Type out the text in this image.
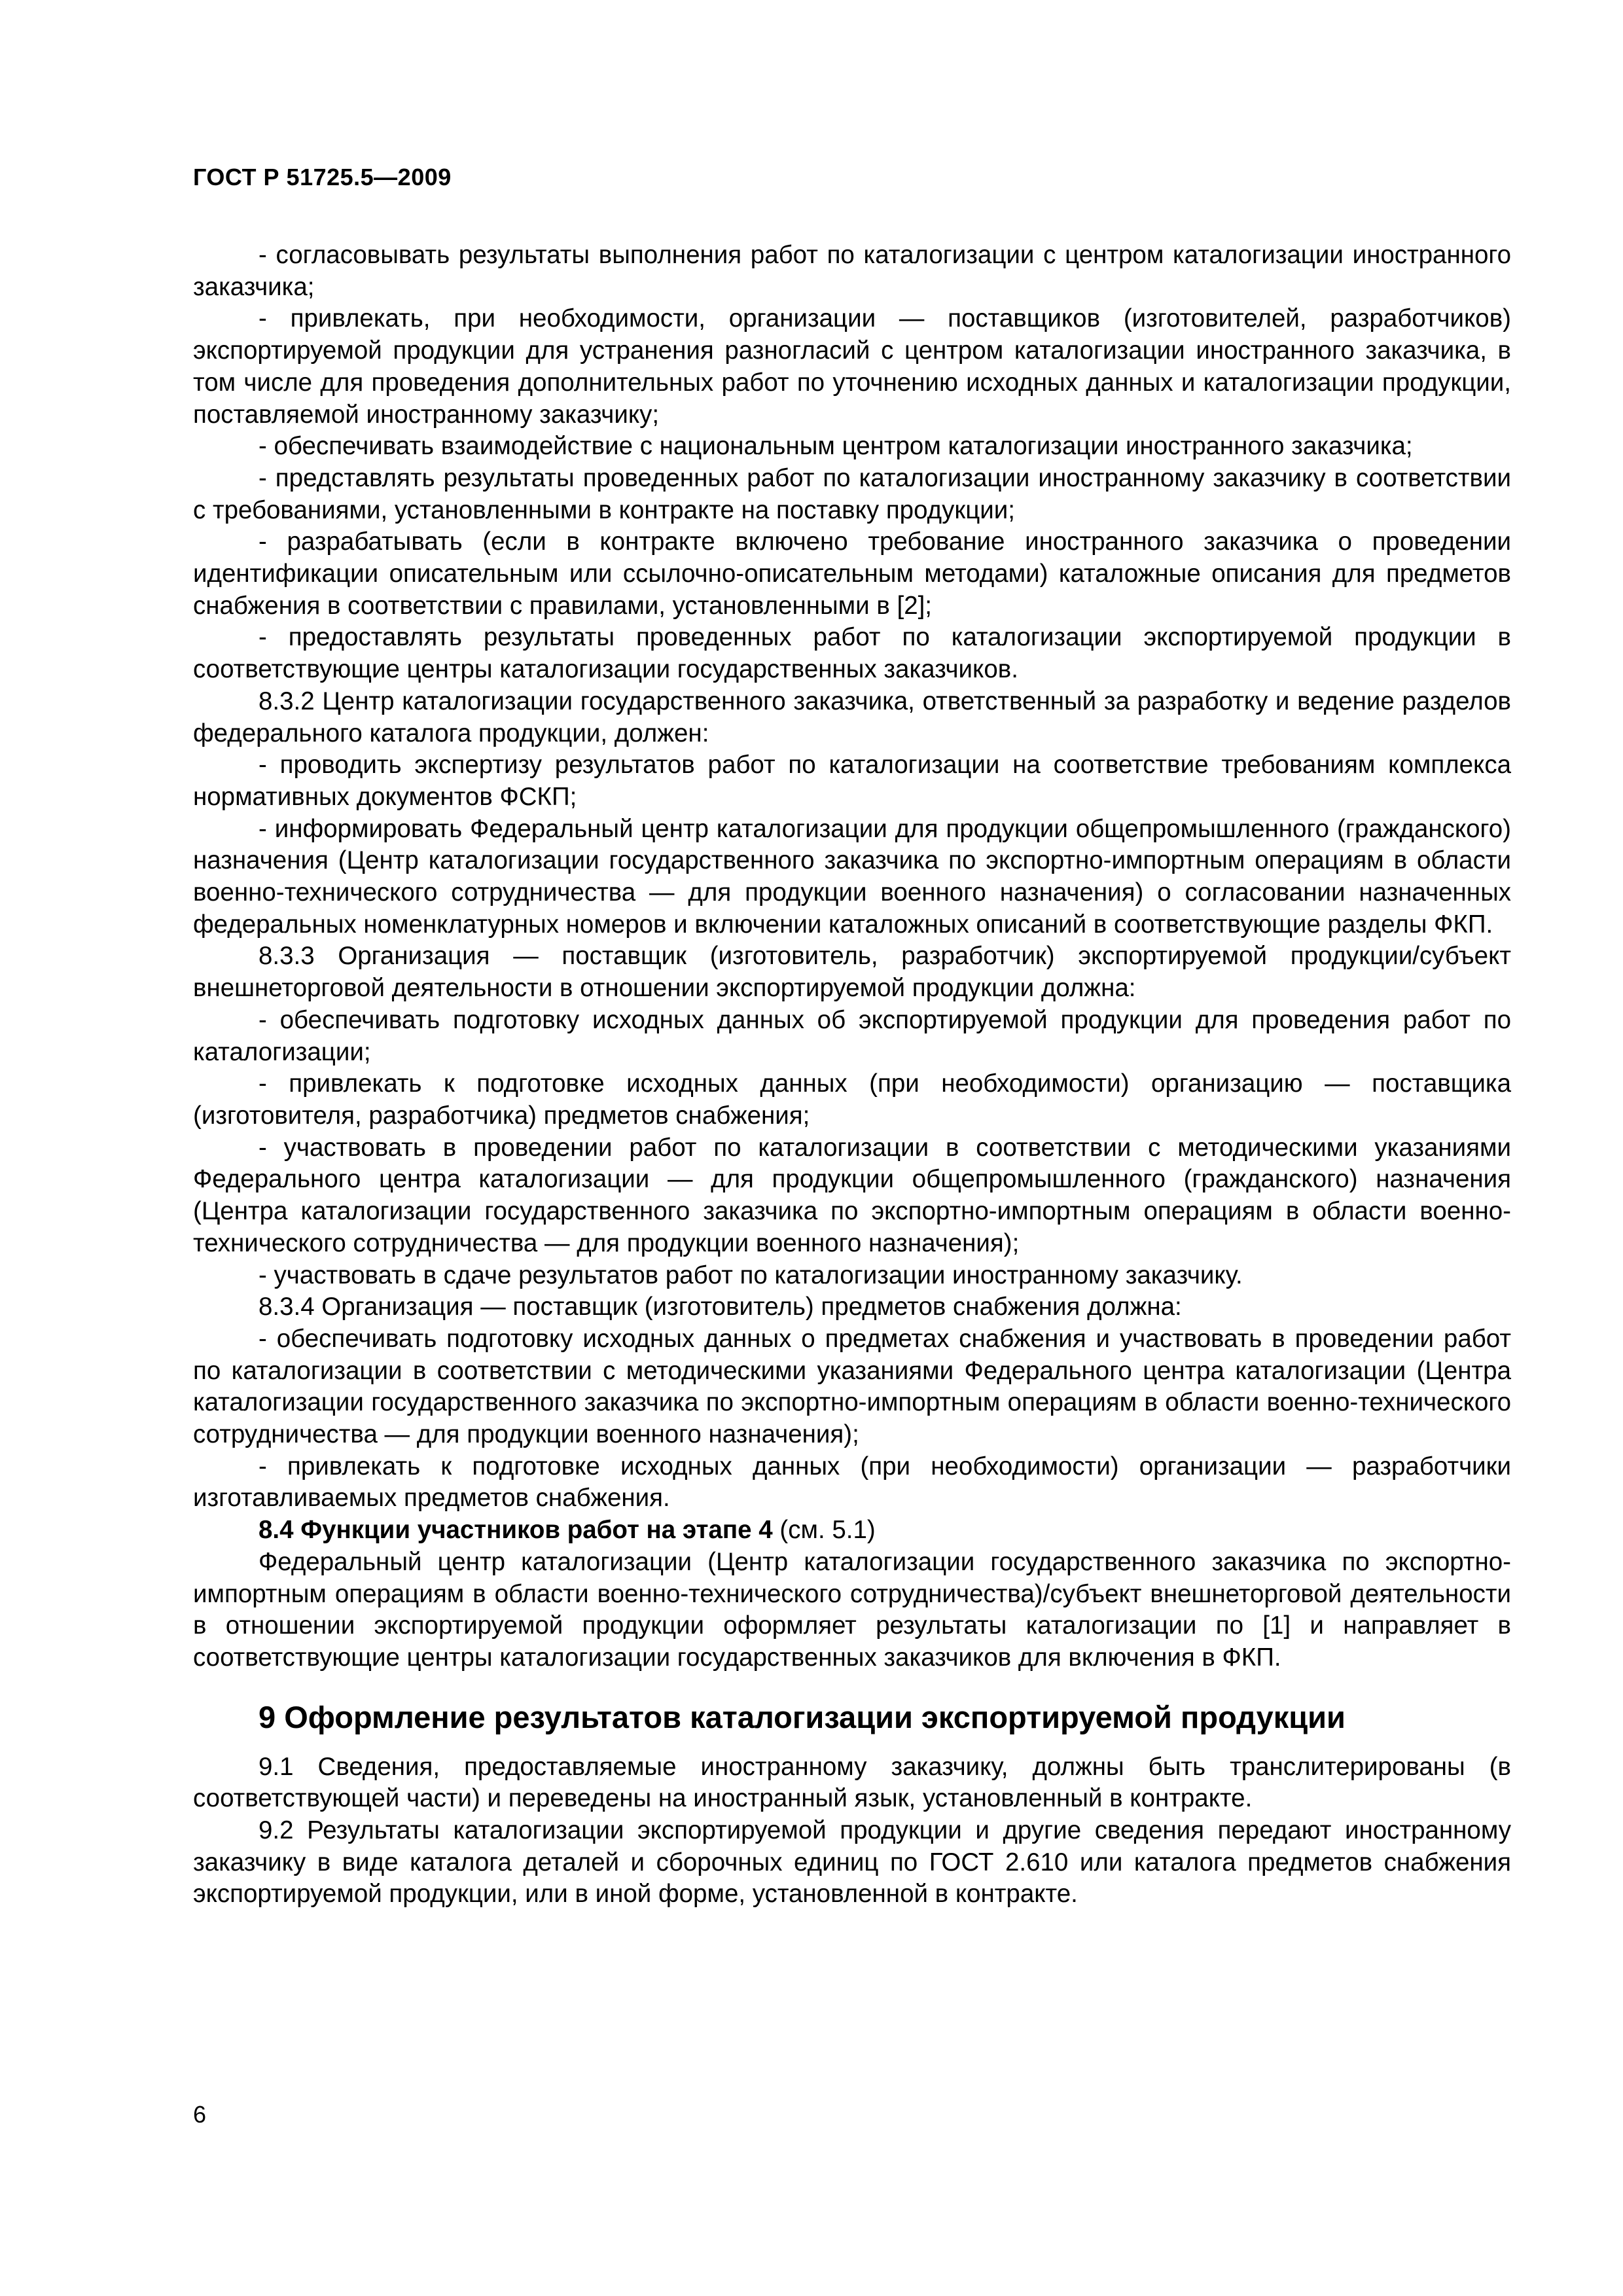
ГОСТ Р 51725.5—2009

- согласовывать результаты выполнения работ по каталогизации с центром каталогизации иностранного заказчика;

- привлекать, при необходимости, организации — поставщиков (изготовителей, разработчиков) экспортируемой продукции для устранения разногласий с центром каталогизации иностранного заказчика, в том числе для проведения дополнительных работ по уточнению исходных данных и каталогизации продукции, поставляемой иностранному заказчику;

- обеспечивать взаимодействие с национальным центром каталогизации иностранного заказчика;

- представлять результаты проведенных работ по каталогизации иностранному заказчику в соответствии с требованиями, установленными в контракте на поставку продукции;

- разрабатывать (если в контракте включено требование иностранного заказчика о проведении идентификации описательным или ссылочно-описательным методами) каталожные описания для предметов снабжения в соответствии с правилами, установленными в [2];

- предоставлять результаты проведенных работ по каталогизации экспортируемой продукции в соответствующие центры каталогизации государственных заказчиков.

8.3.2 Центр каталогизации государственного заказчика, ответственный за разработку и ведение разделов федерального каталога продукции, должен:

- проводить экспертизу результатов работ по каталогизации на соответствие требованиям комплекса нормативных документов ФСКП;

- информировать Федеральный центр каталогизации для продукции общепромышленного (гражданского) назначения (Центр каталогизации государственного заказчика по экспортно-импортным операциям в области военно-технического сотрудничества — для продукции военного назначения) о согласовании назначенных федеральных номенклатурных номеров и включении каталожных описаний в соответствующие разделы ФКП.

8.3.3 Организация — поставщик (изготовитель, разработчик) экспортируемой продукции/субъект внешнеторговой деятельности в отношении экспортируемой продукции должна:

- обеспечивать подготовку исходных данных об экспортируемой продукции для проведения работ по каталогизации;

- привлекать к подготовке исходных данных (при необходимости) организацию — поставщика (изготовителя, разработчика) предметов снабжения;

- участвовать в проведении работ по каталогизации в соответствии с методическими указаниями Федерального центра каталогизации — для продукции общепромышленного (гражданского) назначения (Центра каталогизации государственного заказчика по экспортно-импортным операциям в области военно-технического сотрудничества — для продукции военного назначения);

- участвовать в сдаче результатов работ по каталогизации иностранному заказчику.

8.3.4 Организация — поставщик (изготовитель) предметов снабжения должна:

- обеспечивать подготовку исходных данных о предметах снабжения и участвовать в проведении работ по каталогизации в соответствии с методическими указаниями Федерального центра каталогизации (Центра каталогизации государственного заказчика по экспортно-импортным операциям в области военно-технического сотрудничества — для продукции военного назначения);

- привлекать к подготовке исходных данных (при необходимости) организации — разработчики изготавливаемых предметов снабжения.

8.4 Функции участников работ на этапе 4 (см. 5.1)

Федеральный центр каталогизации (Центр каталогизации государственного заказчика по экспортно-импортным операциям в области военно-технического сотрудничества)/субъект внешнеторговой деятельности в отношении экспортируемой продукции оформляет результаты каталогизации по [1] и направляет в соответствующие центры каталогизации государственных заказчиков для включения в ФКП.

9 Оформление результатов каталогизации экспортируемой продукции

9.1 Сведения, предоставляемые иностранному заказчику, должны быть транслитерированы (в соответствующей части) и переведены на иностранный язык, установленный в контракте.

9.2 Результаты каталогизации экспортируемой продукции и другие сведения передают иностранному заказчику в виде каталога деталей и сборочных единиц по ГОСТ 2.610 или каталога предметов снабжения экспортируемой продукции, или в иной форме, установленной в контракте.

6
